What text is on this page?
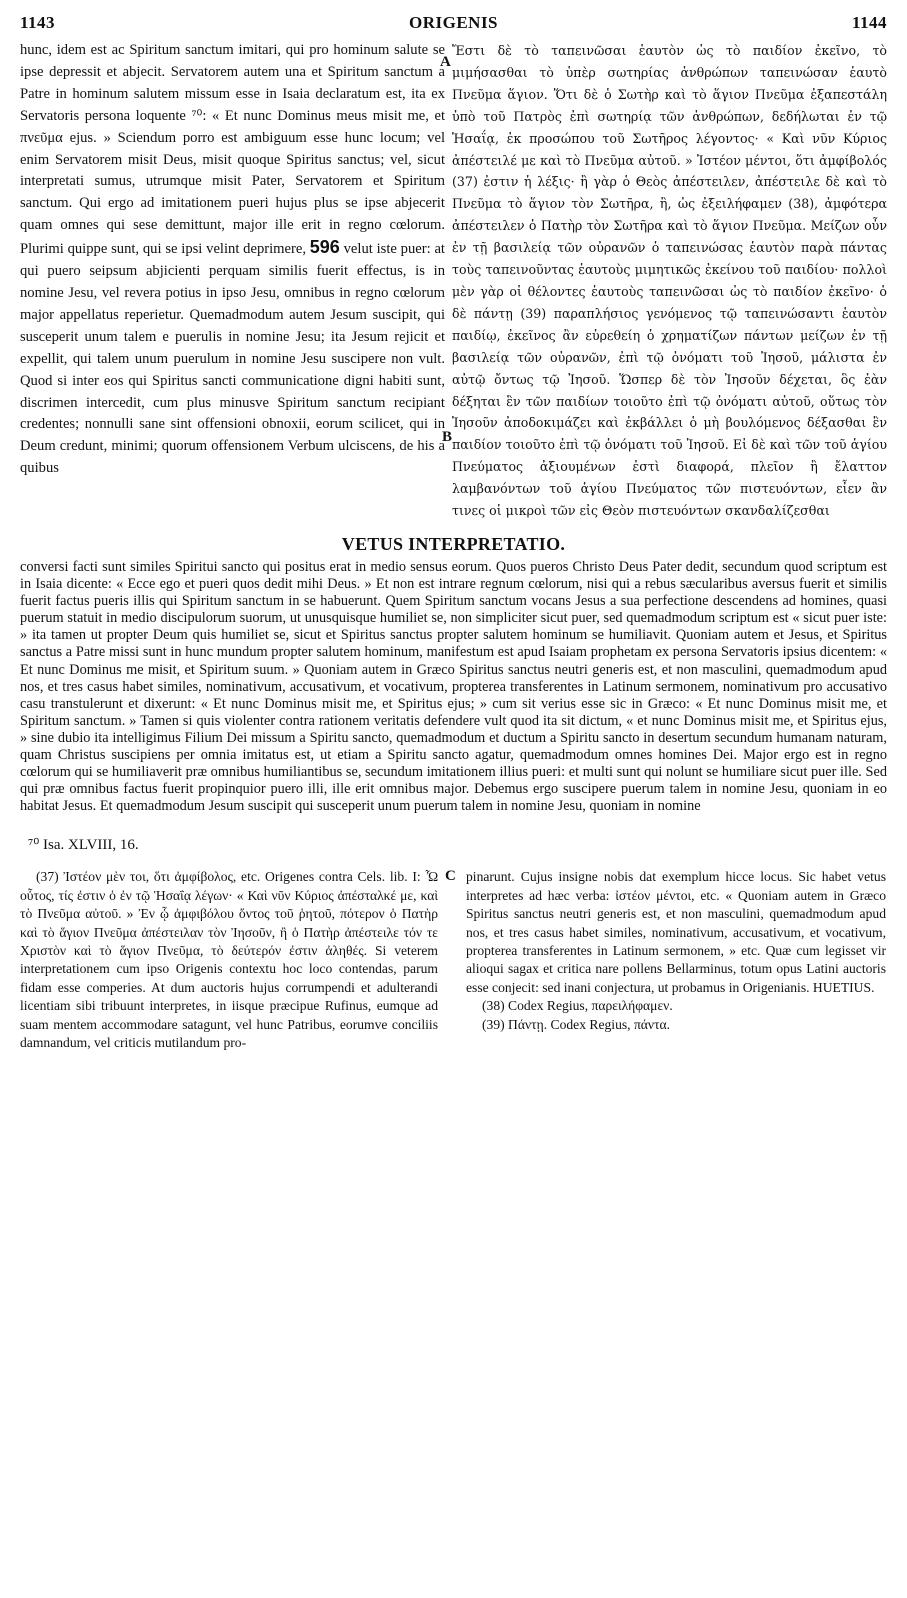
1143	ORIGENIS	1144
hunc, idem est ac Spiritum sanctum imitari, qui pro hominum salute se ipse depressit et abjecit. Servatorem autem una et Spiritum sanctum a Patre in hominum salutem missum esse in Isaia declaratum est, ita ex Servatoris persona loquente ⁷⁰: « Et nunc Dominus meus misit me, et πνεῦμα ejus. » Sciendum porro est ambiguum esse hunc locum; vel enim Servatorem misit Deus, misit quoque Spiritus sanctus; vel, sicut interpretati sumus, utrumque misit Pater, Servatorem et Spiritum sanctum. Qui ergo ad imitationem pueri hujus plus se ipse abjecerit quam omnes qui sese demittunt, major ille erit in regno cœlorum. Plurimi quippe sunt, qui se ipsi velint deprimere, 596 velut iste puer: at qui puero seipsum abjicienti perquam similis fuerit effectus, is in nomine Jesu, vel revera potius in ipso Jesu, omnibus in regno cœlorum major appellatus reperietur. Quemadmodum autem Jesum suscipit, qui susceperit unum talem e puerulis in nomine Jesu; ita Jesum rejicit et expellit, qui talem unum puerulum in nomine Jesu suscipere non vult. Quod si inter eos qui Spiritus sancti communicatione digni habiti sunt, discrimen intercedit, cum plus minusve Spiritum sanctum recipiant credentes; nonnulli sane sint offensioni obnoxii, eorum scilicet, qui in Deum credunt, minimi; quorum offensionem Verbum ulciscens, de his a quibus
Ἔστι δὲ τὸ ταπεινῶσαι ἑαυτὸν ὡς τὸ παιδίον ἐκεῖνο, τὸ μιμήσασθαι τὸ ὑπὲρ σωτηρίας ἀνθρώπων ταπεινώσαν ἑαυτὸ Πνεῦμα ἅγιον. Ὅτι δὲ ὁ Σωτὴρ καὶ τὸ ἅγιον Πνεῦμα ἐξαπεστάλη ὑπὸ τοῦ Πατρὸς ἐπὶ σωτηρίᾳ τῶν ἀνθρώπων, δεδήλωται ἐν τῷ Ἡσαΐᾳ, ἐκ προσώπου τοῦ Σωτῆρος λέγοντος· « Καὶ νῦν Κύριος ἀπέστειλέ με καὶ τὸ Πνεῦμα αὐτοῦ. » Ἰστέον μέντοι, ὅτι ἀμφίβολός (37) ἐστιν ἡ λέξις· ἢ γὰρ ὁ Θεὸς ἀπέστειλεν, ἀπέστειλε δὲ καὶ τὸ Πνεῦμα τὸ ἅγιον τὸν Σωτῆρα, ἢ, ὡς ἐξειλήφαμεν (38), ἀμφότερα ἀπέστειλεν ὁ Πατὴρ τὸν Σωτῆρα καὶ τὸ ἅγιον Πνεῦμα. Μείζων οὖν ἐν τῇ βασιλείᾳ τῶν οὐρανῶν ὁ ταπεινώσας ἑαυτὸν παρὰ πάντας τοὺς ταπεινοῦντας ἑαυτοὺς μιμητικῶς ἐκείνου τοῦ παιδίου· πολλοὶ μὲν γὰρ οἱ θέλοντες ἑαυτοὺς ταπεινῶσαι ὡς τὸ παιδίον ἐκεῖνο· ὁ δὲ πάντῃ (39) παραπλήσιος γενόμενος τῷ ταπεινώσαντι ἑαυτὸν παιδίῳ, ἐκεῖνος ἂν εὑρεθείη ὁ χρηματίζων πάντων μείζων ἐν τῇ βασιλείᾳ τῶν οὐρανῶν, ἐπὶ τῷ ὀνόματι τοῦ Ἰησοῦ, μάλιστα ἐν αὐτῷ ὄντως τῷ Ἰησοῦ. Ὥσπερ δὲ τὸν Ἰησοῦν δέχεται, ὃς ἐὰν δέξηται ἓν τῶν παιδίων τοιοῦτο ἐπὶ τῷ ὀνόματι αὐτοῦ, οὕτως τὸν Ἰησοῦν ἀποδοκιμάζει καὶ ἐκβάλλει ὁ μὴ βουλόμενος δέξασθαι ἓν παιδίον τοιοῦτο ἐπὶ τῷ ὀνόματι τοῦ Ἰησοῦ. Εἰ δὲ καὶ τῶν τοῦ ἁγίου Πνεύματος ἀξιουμένων ἐστὶ διαφορά, πλεῖον ἢ ἔλαττον λαμβανόντων τοῦ ἁγίου Πνεύματος τῶν πιστευόντων, εἶεν ἂν τινες οἱ μικροὶ τῶν εἰς Θεὸν πιστευόντων σκανδαλίζεσθαι
A
B
VETUS INTERPRETATIO.
conversi facti sunt similes Spiritui sancto qui positus erat in medio sensus eorum. Quos pueros Christo Deus Pater dedit, secundum quod scriptum est in Isaia dicente: « Ecce ego et pueri quos dedit mihi Deus. » Et non est intrare regnum cœlorum, nisi qui a rebus sæcularibus aversus fuerit et similis fuerit factus pueris illis qui Spiritum sanctum in se habuerunt. Quem Spiritum sanctum vocans Jesus a sua perfectione descendens ad homines, quasi puerum statuit in medio discipulorum suorum, ut unusquisque humiliet se, non simpliciter sicut puer, sed quemadmodum scriptum est « sicut puer iste: » ita tamen ut propter Deum quis humiliet se, sicut et Spiritus sanctus propter salutem hominum se humiliavit. Quoniam autem et Jesus, et Spiritus sanctus a Patre missi sunt in hunc mundum propter salutem hominum, manifestum est apud Isaiam prophetam ex persona Servatoris ipsius dicentem: « Et nunc Dominus me misit, et Spiritum suum. » Quoniam autem in Græco Spiritus sanctus neutri generis est, et non masculini, quemadmodum apud nos, et tres casus habet similes, nominativum, accusativum, et vocativum, propterea transferentes in Latinum sermonem, nominativum pro accusativo casu transtulerunt et dixerunt: « Et nunc Dominus misit me, et Spiritus ejus; » cum sit verius esse sic in Græco: « Et nunc Dominus misit me, et Spiritum sanctum. » Tamen si quis violenter contra rationem veritatis defendere vult quod ita sit dictum, « et nunc Dominus misit me, et Spiritus ejus, » sine dubio ita intelligimus Filium Dei missum a Spiritu sancto, quemadmodum et ductum a Spiritu sancto in desertum secundum humanam naturam, quam Christus suscipiens per omnia imitatus est, ut etiam a Spiritu sancto agatur, quemadmodum omnes homines Dei. Major ergo est in regno cœlorum qui se humiliaverit præ omnibus humiliantibus se, secundum imitationem illius pueri: et multi sunt qui nolunt se humiliare sicut puer ille. Sed qui præ omnibus factus fuerit propinquior puero illi, ille erit omnibus major. Debemus ergo suscipere puerum talem in nomine Jesu, quoniam in eo habitat Jesus. Et quemadmodum Jesum suscipit qui susceperit unum puerum talem in nomine Jesu, quoniam in nomine
⁷⁰ Isa. XLVIII, 16.

(37) Ἰστέον μὲν τοι, ὅτι ἀμφίβολος, etc. Origenes contra Cels. lib. I: Ὦ οὗτος, τίς ἐστιν ὁ ἐν τῷ Ἡσαΐᾳ λέγων· « Καὶ νῦν Κύριος ἀπέσταλκέ με, καὶ τὸ Πνεῦμα αὐτοῦ. » Ἐν ᾧ ἀμφιβόλου ὄντος τοῦ ῥητοῦ, πότερον ὁ Πατὴρ καὶ τὸ ἅγιον Πνεῦμα ἀπέστειλαν τὸν Ἰησοῦν, ἢ ὁ Πατὴρ ἀπέστειλε τόν τε Χριστὸν καὶ τὸ ἅγιον Πνεῦμα, τὸ δεύτερόν ἐστιν ἀληθές. Si veterem interpretationem cum ipso Origenis contextu hoc loco contendas, parum fidam esse comperies. At dum auctoris hujus corrumpendi et adulterandi licentiam sibi tribuunt interpretes, in iisque præcipue Rufinus, eumque ad suam mentem accommodare satagunt, vel hunc Patribus, eorumve conciliis damnandum, vel criticis mutilandum pro-

pinarunt. Cujus insigne nobis dat exemplum hicce locus. Sic habet vetus interpretes ad hæc verba: ἰστέον μέντοι, etc. « Quoniam autem in Græco Spiritus sanctus neutri generis est, et non masculini, quemadmodum apud nos, et tres casus habet similes, nominativum, accusativum, et vocativum, propterea transferentes in Latinum sermonem, » etc. Quæ cum legisset vir alioqui sagax et critica nare pollens Bellarminus, totum opus Latini auctoris esse conjecit: sed inani conjectura, ut probamus in Origenianis. HUETIUS.

(38) Codex Regius, παρειλήφαμεν.

(39) Πάντῃ. Codex Regius, πάντα.

C
